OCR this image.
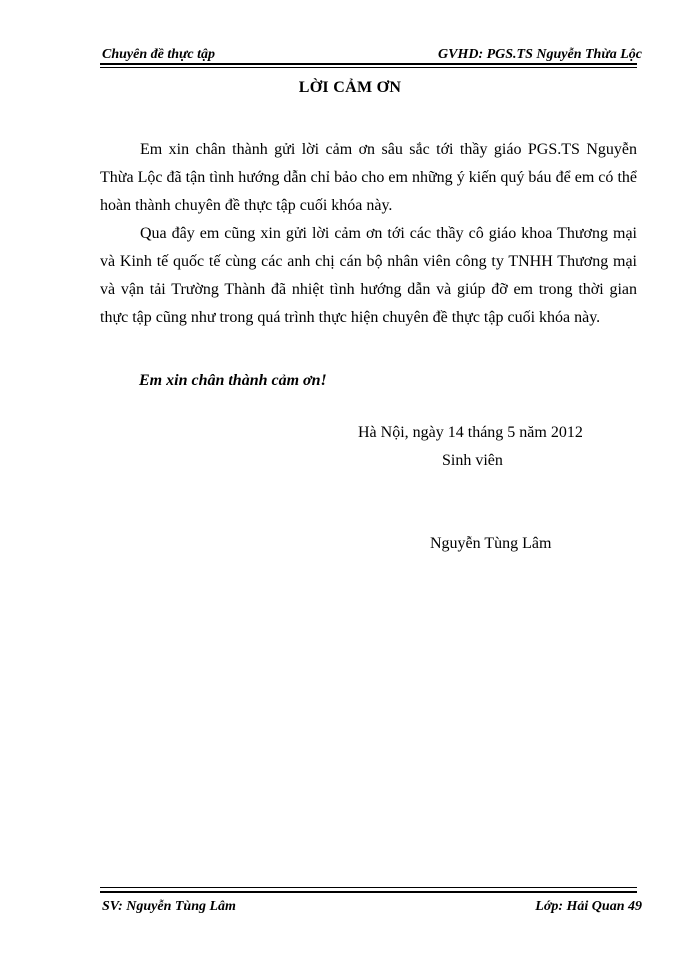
Chuyên đề thực tập	GVHD: PGS.TS Nguyễn Thừa Lộc
LỜI CẢM ƠN

Em xin chân thành gửi lời cảm ơn sâu sắc tới thầy giáo PGS.TS Nguyễn Thừa Lộc đã tận tình hướng dẫn chỉ bảo cho em những ý kiến quý báu để em có thể hoàn thành chuyên đề thực tập cuối khóa này.

Qua đây em cũng xin gửi lời cảm ơn tới các thầy cô giáo khoa Thương mại và Kinh tế quốc tế cùng các anh chị cán bộ nhân viên công ty TNHH Thương mại và vận tải Trường Thành đã nhiệt tình hướng dẫn và giúp đỡ em trong thời gian thực tập cũng như trong quá trình thực hiện chuyên đề thực tập cuối khóa này.

Em xin chân thành cảm ơn!
Hà Nội, ngày 14 tháng 5 năm 2012
Sinh viên
Nguyễn Tùng Lâm
SV: Nguyễn Tùng Lâm	Lớp: Hải Quan 49
